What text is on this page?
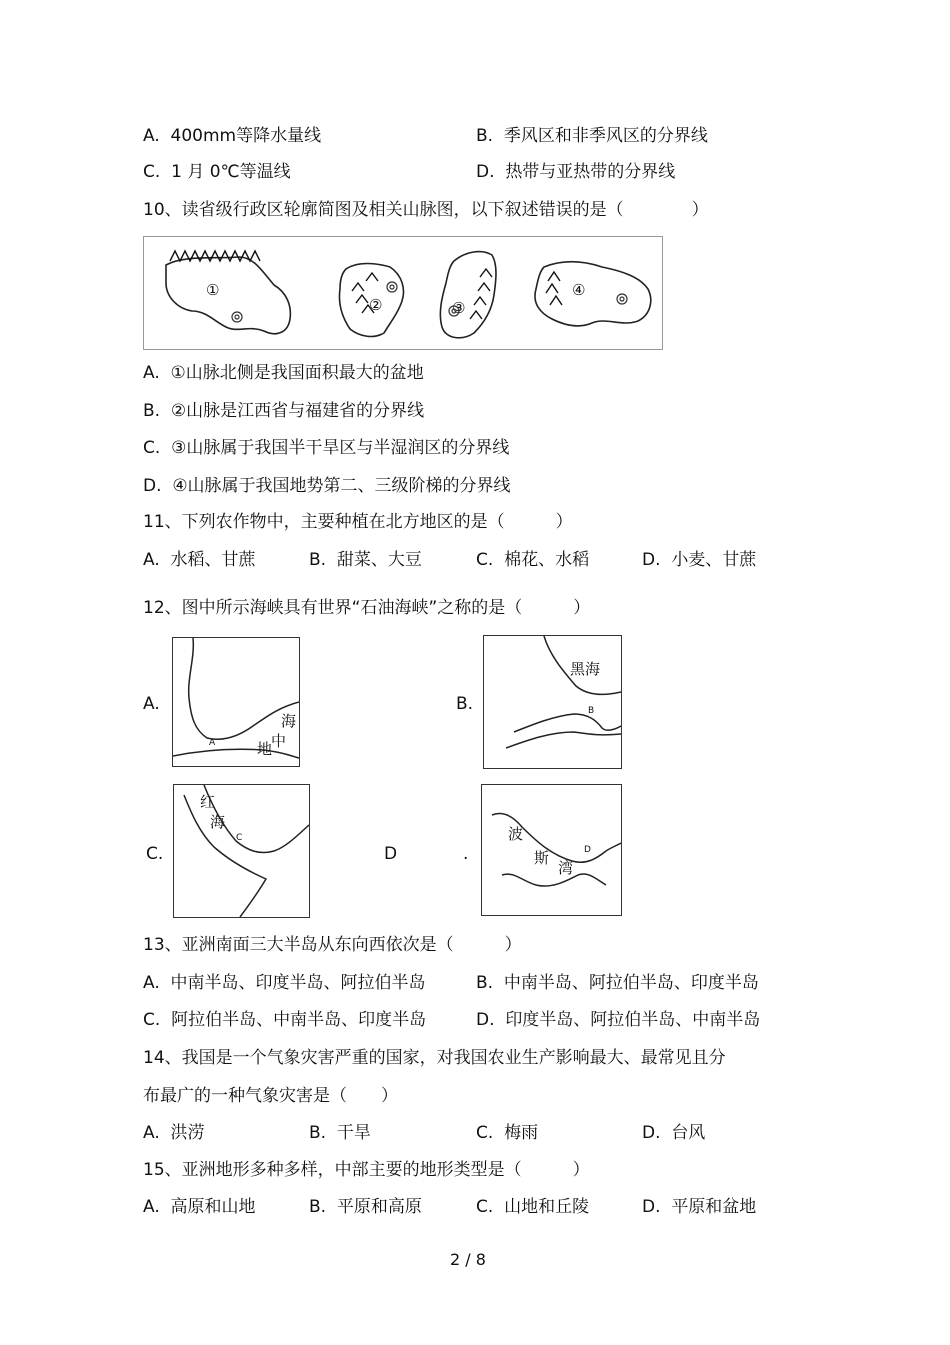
A. 400mm等降水量线	B. 季风区和非季风区的分界线
C. 1 月 0℃等温线	D. 热带与亚热带的分界线
10、读省级行政区轮廓简图及相关山脉图，以下叙述错误的是（　　　　）
①
②	③
④
A. ①山脉北侧是我国面积最大的盆地
B. ②山脉是江西省与福建省的分界线
C. ③山脉属于我国半干旱区与半湿润区的分界线
D. ④山脉属于我国地势第二、三级阶梯的分界线
11、下列农作物中，主要种植在北方地区的是（　　　）
A. 水稻、甘蔗	B. 甜菜、大豆	C. 棉花、水稻	D. 小麦、甘蔗
12、图中所示海峡具有世界“石油海峡”之称的是（　　　）
A.
海
中
地
A
B.
黑海
B
C.
红
海
C
D	.
波
斯
湾
D
13、亚洲南面三大半岛从东向西依次是（　　　）
A. 中南半岛、印度半岛、阿拉伯半岛	B. 中南半岛、阿拉伯半岛、印度半岛
C. 阿拉伯半岛、中南半岛、印度半岛	D. 印度半岛、阿拉伯半岛、中南半岛
14、我国是一个气象灾害严重的国家，对我国农业生产影响最大、最常见且分
布最广的一种气象灾害是（　　）
A. 洪涝	B. 干旱	C. 梅雨	D. 台风
15、亚洲地形多种多样，中部主要的地形类型是（　　　）
A. 高原和山地	B. 平原和高原	C. 山地和丘陵	D. 平原和盆地
2 / 8
